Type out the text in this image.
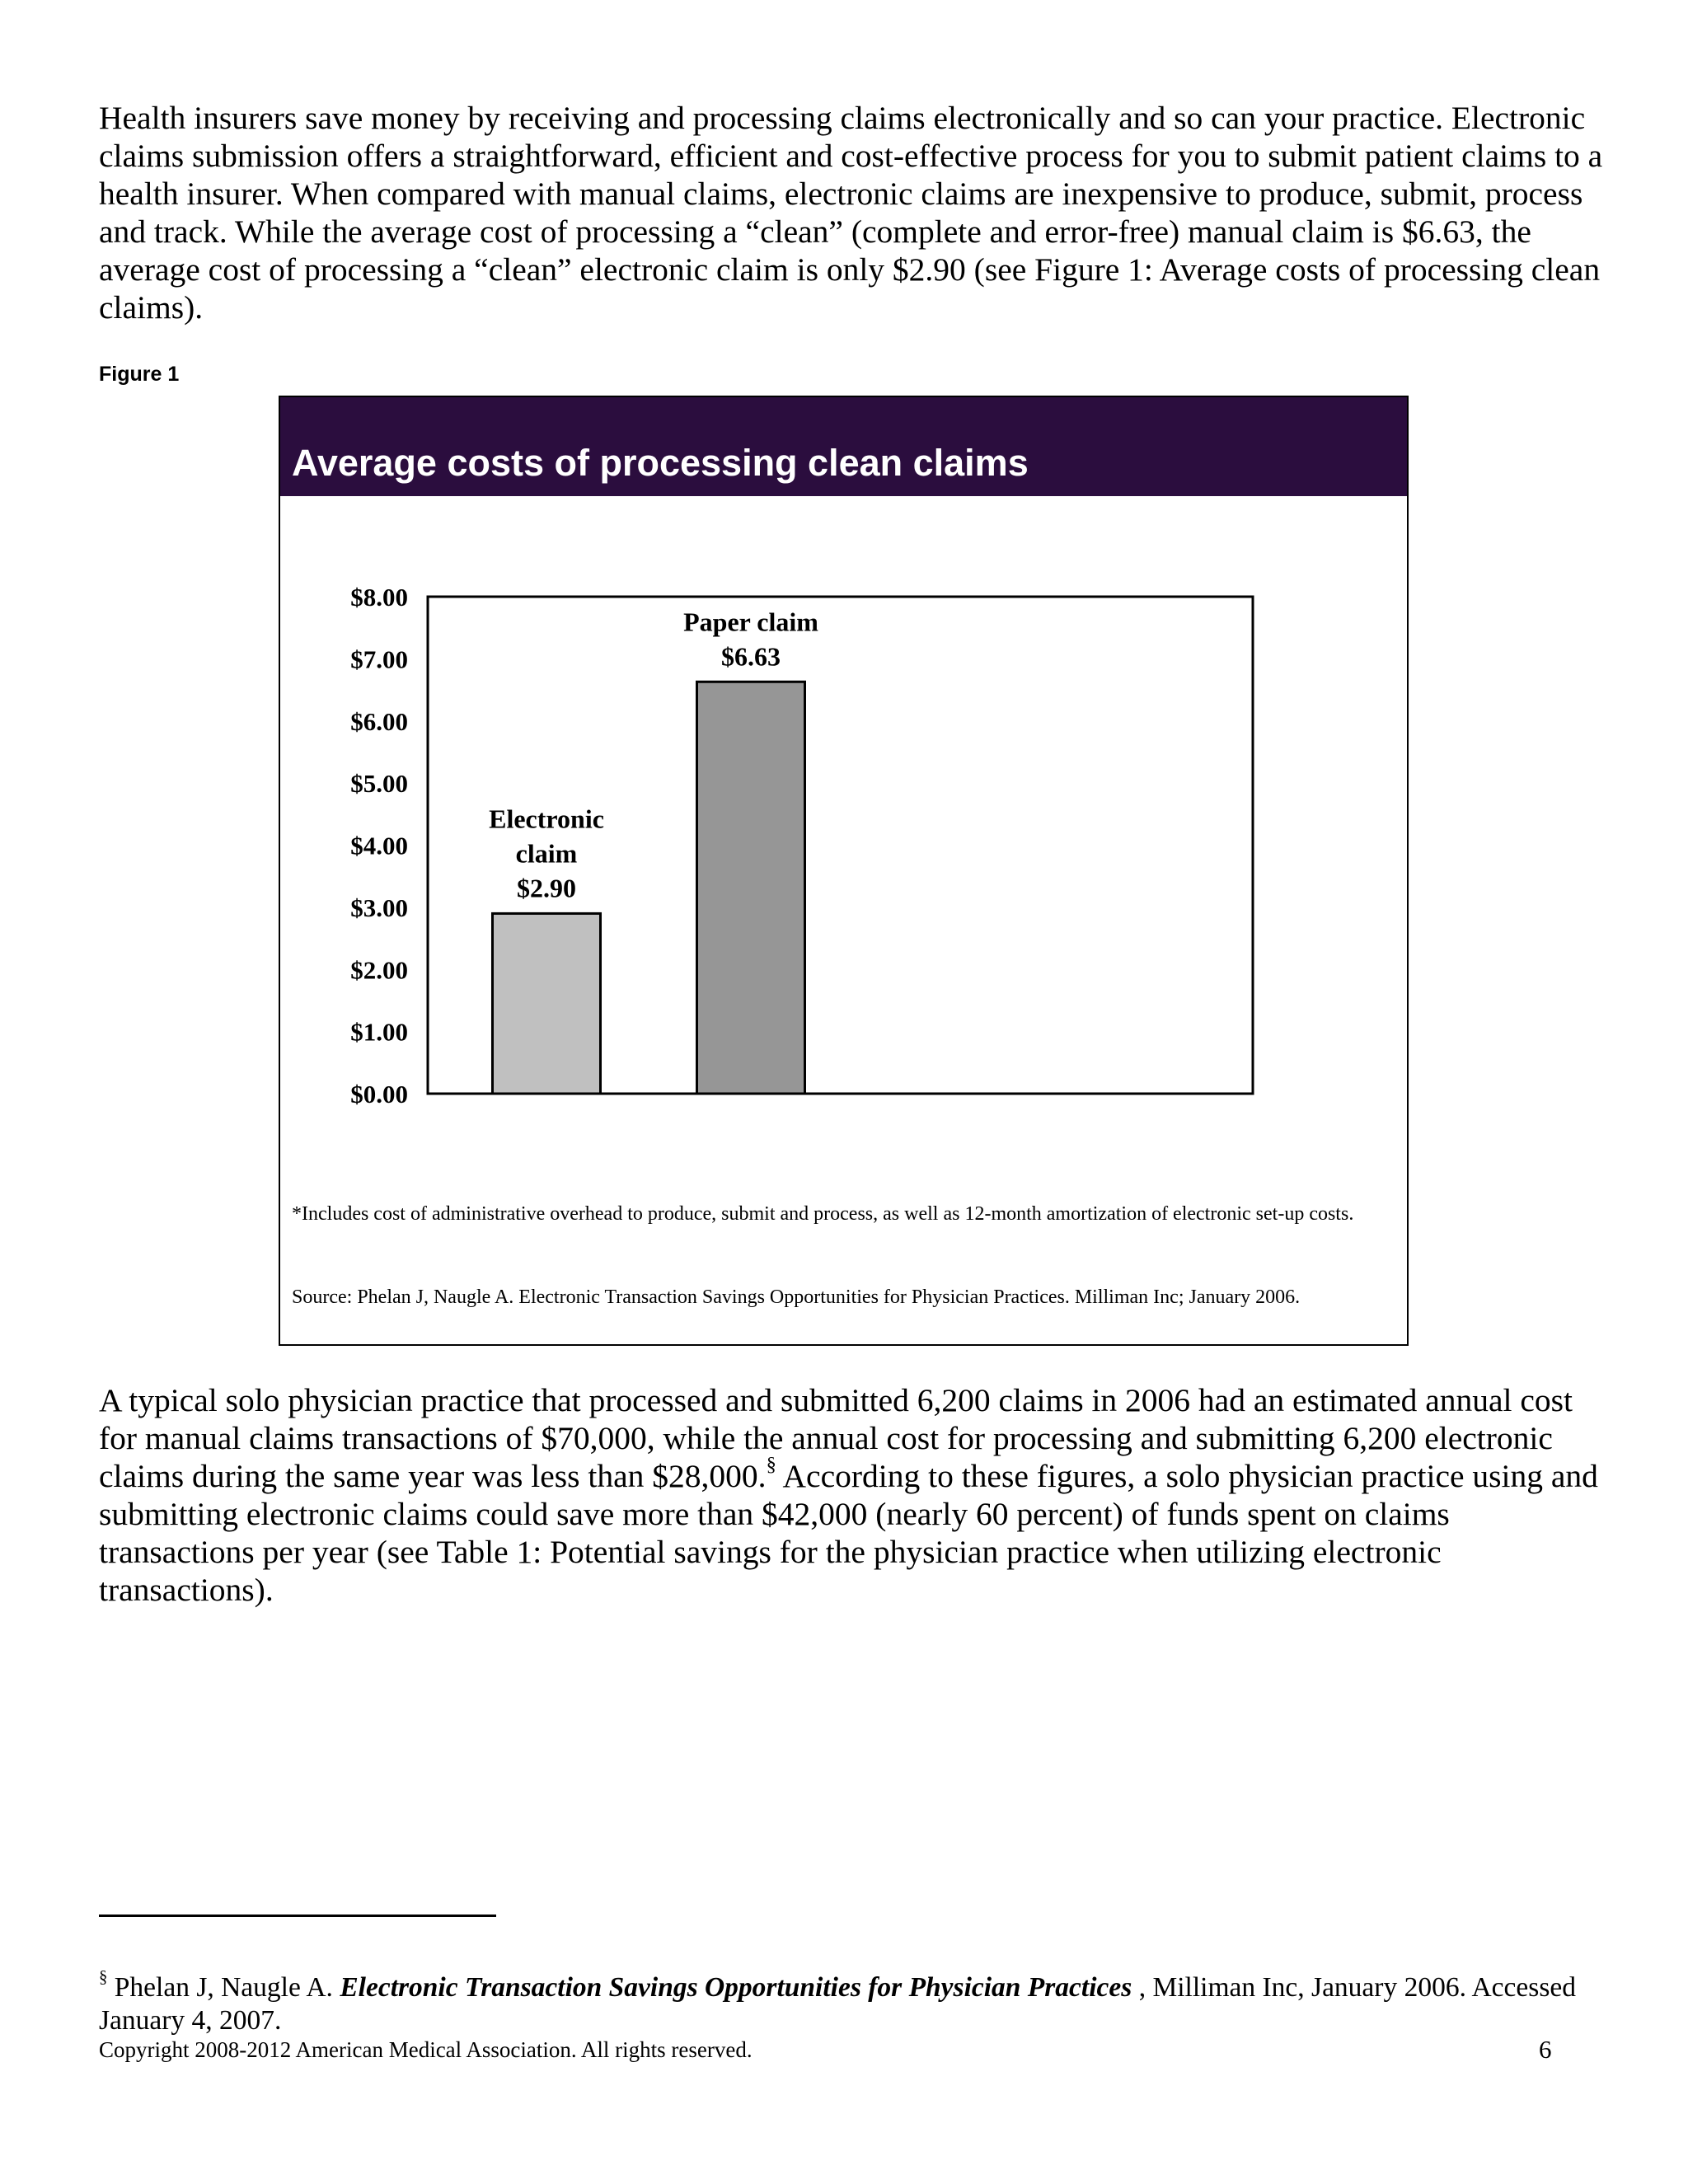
Health insurers save money by receiving and processing claims electronically and so can your practice. Electronic claims submission offers a straightforward, efficient and cost-effective process for you to submit patient claims to a health insurer. When compared with manual claims, electronic claims are inexpensive to produce, submit, process and track. While the average cost of processing a “clean” (complete and error-free) manual claim is $6.63, the average cost of processing a “clean” electronic claim is only $2.90 (see Figure 1: Average costs of processing clean claims).

Figure 1

Average costs of processing clean claims

$0.00
$1.00
$2.00
$3.00
$4.00
$5.00
$6.00
$7.00
$8.00
Electronic
claim
$2.90
Paper claim
$6.63

*Includes cost of administrative overhead to produce, submit and process, as well as 12-month amortization of electronic set-up costs.

Source: Phelan J, Naugle A. Electronic Transaction Savings Opportunities for Physician Practices. Milliman Inc; January 2006.

A typical solo physician practice that processed and submitted 6,200 claims in 2006 had an estimated annual cost for manual claims transactions of $70,000, while the annual cost for processing and submitting 6,200 electronic claims during the same year was less than $28,000.§ According to these figures, a solo physician practice using and submitting electronic claims could save more than $42,000 (nearly 60 percent) of funds spent on claims transactions per year (see Table 1: Potential savings for the physician practice when utilizing electronic transactions).

§ Phelan J, Naugle A. Electronic Transaction Savings Opportunities for Physician Practices , Milliman Inc, January 2006. Accessed January 4, 2007.

Copyright 2008-2012 American Medical Association. All rights reserved.	6
